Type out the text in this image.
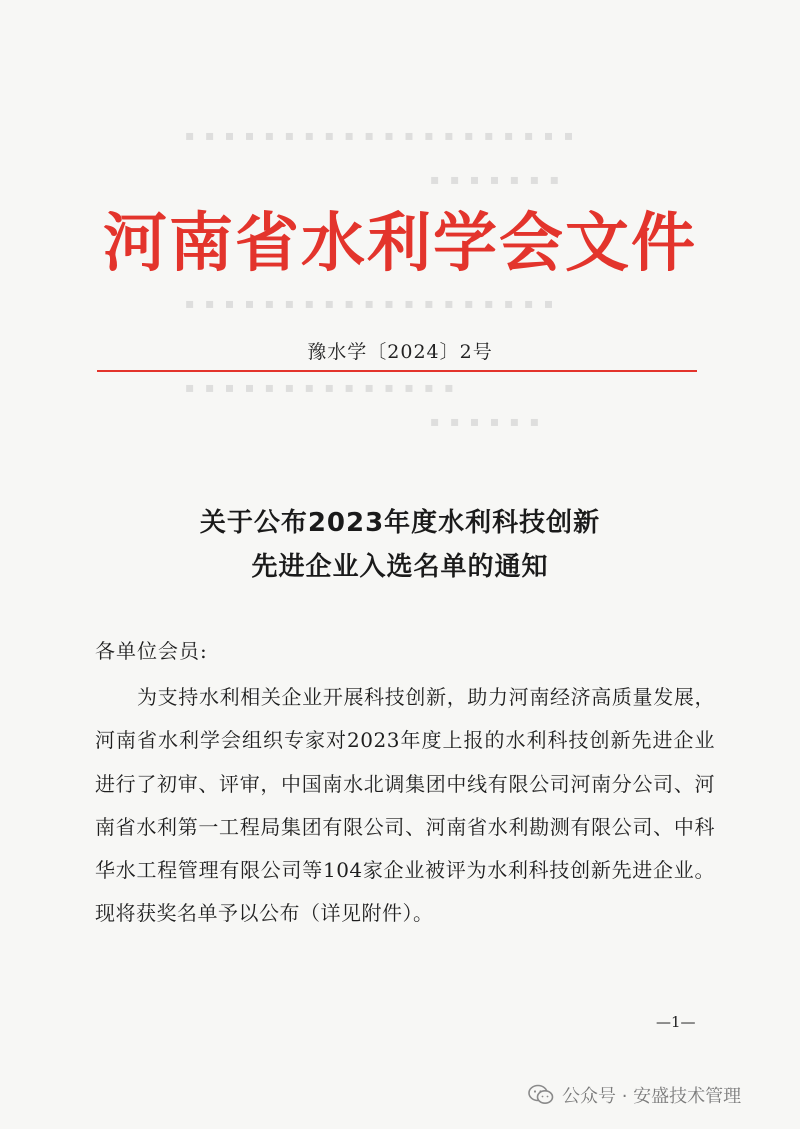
▪ ▪ ▪ ▪ ▪ ▪ ▪ ▪ ▪ ▪ ▪ ▪ ▪ ▪ ▪ ▪ ▪ ▪ ▪ ▪
▪ ▪ ▪ ▪ ▪ ▪ ▪
▪ ▪ ▪ ▪ ▪ ▪ ▪ ▪ ▪ ▪ ▪ ▪ ▪ ▪ ▪ ▪ ▪ ▪ ▪
▪ ▪ ▪ ▪ ▪ ▪ ▪ ▪ ▪ ▪ ▪ ▪ ▪ ▪
▪ ▪ ▪ ▪ ▪ ▪
河南省水利学会文件
豫水学〔2024〕2号
关于公布2023年度水利科技创新
先进企业入选名单的通知
各单位会员:
为支持水利相关企业开展科技创新，助力河南经济高质量发展，河南省水利学会组织专家对2023年度上报的水利科技创新先进企业进行了初审、评审，中国南水北调集团中线有限公司河南分公司、河南省水利第一工程局集团有限公司、河南省水利勘测有限公司、中科华水工程管理有限公司等104家企业被评为水利科技创新先进企业。现将获奖名单予以公布（详见附件）。
—1—
公众号 · 安盛技术管理
